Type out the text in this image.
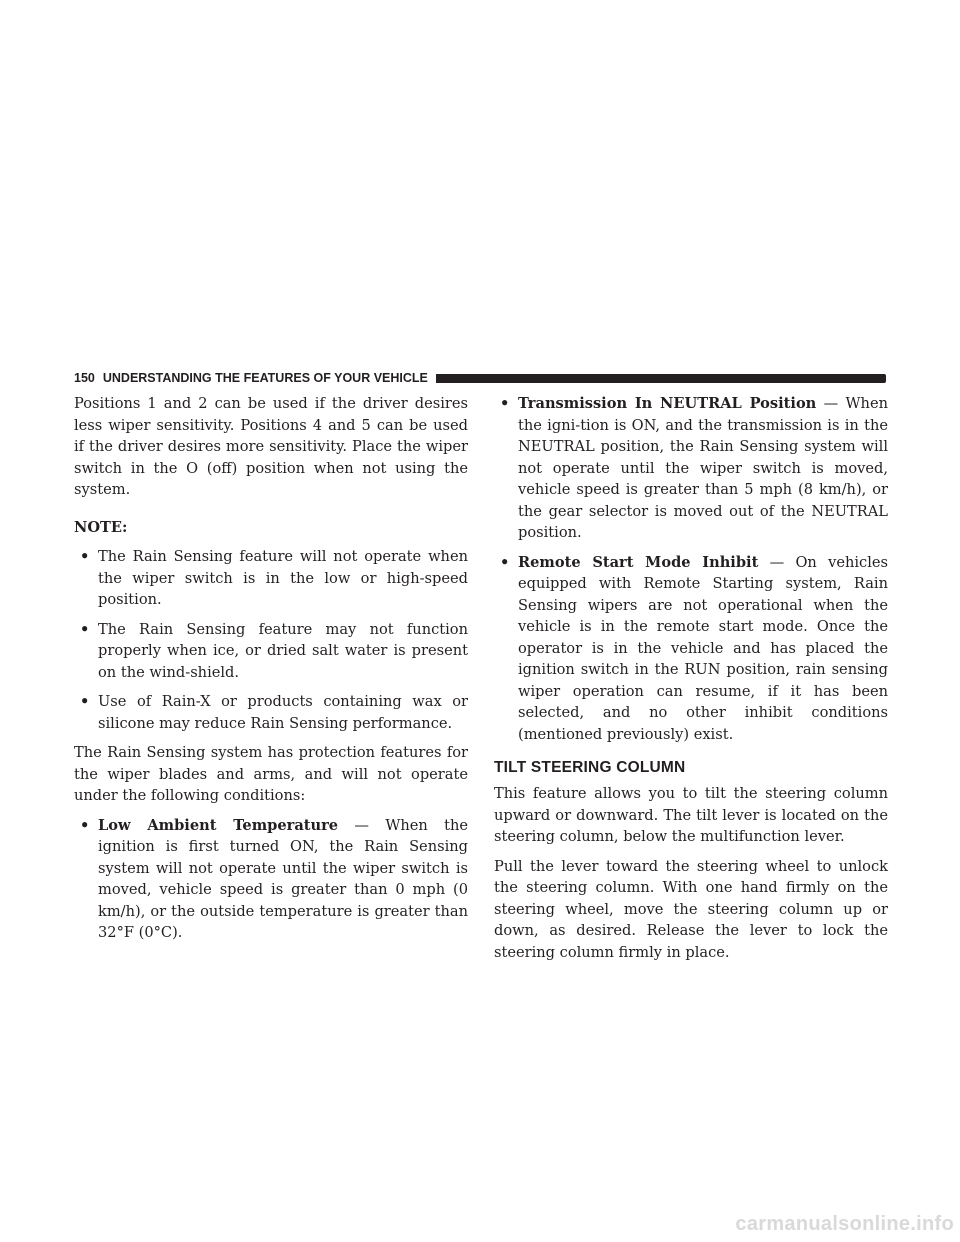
150 UNDERSTANDING THE FEATURES OF YOUR VEHICLE

Positions 1 and 2 can be used if the driver desires less wiper sensitivity. Positions 4 and 5 can be used if the driver desires more sensitivity. Place the wiper switch in the O (off) position when not using the system.

NOTE:
• The Rain Sensing feature will not operate when the wiper switch is in the low or high-speed position.
• The Rain Sensing feature may not function properly when ice, or dried salt water is present on the wind-shield.
• Use of Rain-X or products containing wax or silicone may reduce Rain Sensing performance.

The Rain Sensing system has protection features for the wiper blades and arms, and will not operate under the following conditions:

• Low Ambient Temperature — When the ignition is first turned ON, the Rain Sensing system will not operate until the wiper switch is moved, vehicle speed is greater than 0 mph (0 km/h), or the outside temperature is greater than 32°F (0°C).
• Transmission In NEUTRAL Position — When the igni-tion is ON, and the transmission is in the NEUTRAL position, the Rain Sensing system will not operate until the wiper switch is moved, vehicle speed is greater than 5 mph (8 km/h), or the gear selector is moved out of the NEUTRAL position.
• Remote Start Mode Inhibit — On vehicles equipped with Remote Starting system, Rain Sensing wipers are not operational when the vehicle is in the remote start mode. Once the operator is in the vehicle and has placed the ignition switch in the RUN position, rain sensing wiper operation can resume, if it has been selected, and no other inhibit conditions (mentioned previously) exist.
TILT STEERING COLUMN

This feature allows you to tilt the steering column upward or downward. The tilt lever is located on the steering column, below the multifunction lever.

Pull the lever toward the steering wheel to unlock the steering column. With one hand firmly on the steering wheel, move the steering column up or down, as desired. Release the lever to lock the steering column firmly in place.

carmanualsonline.info
